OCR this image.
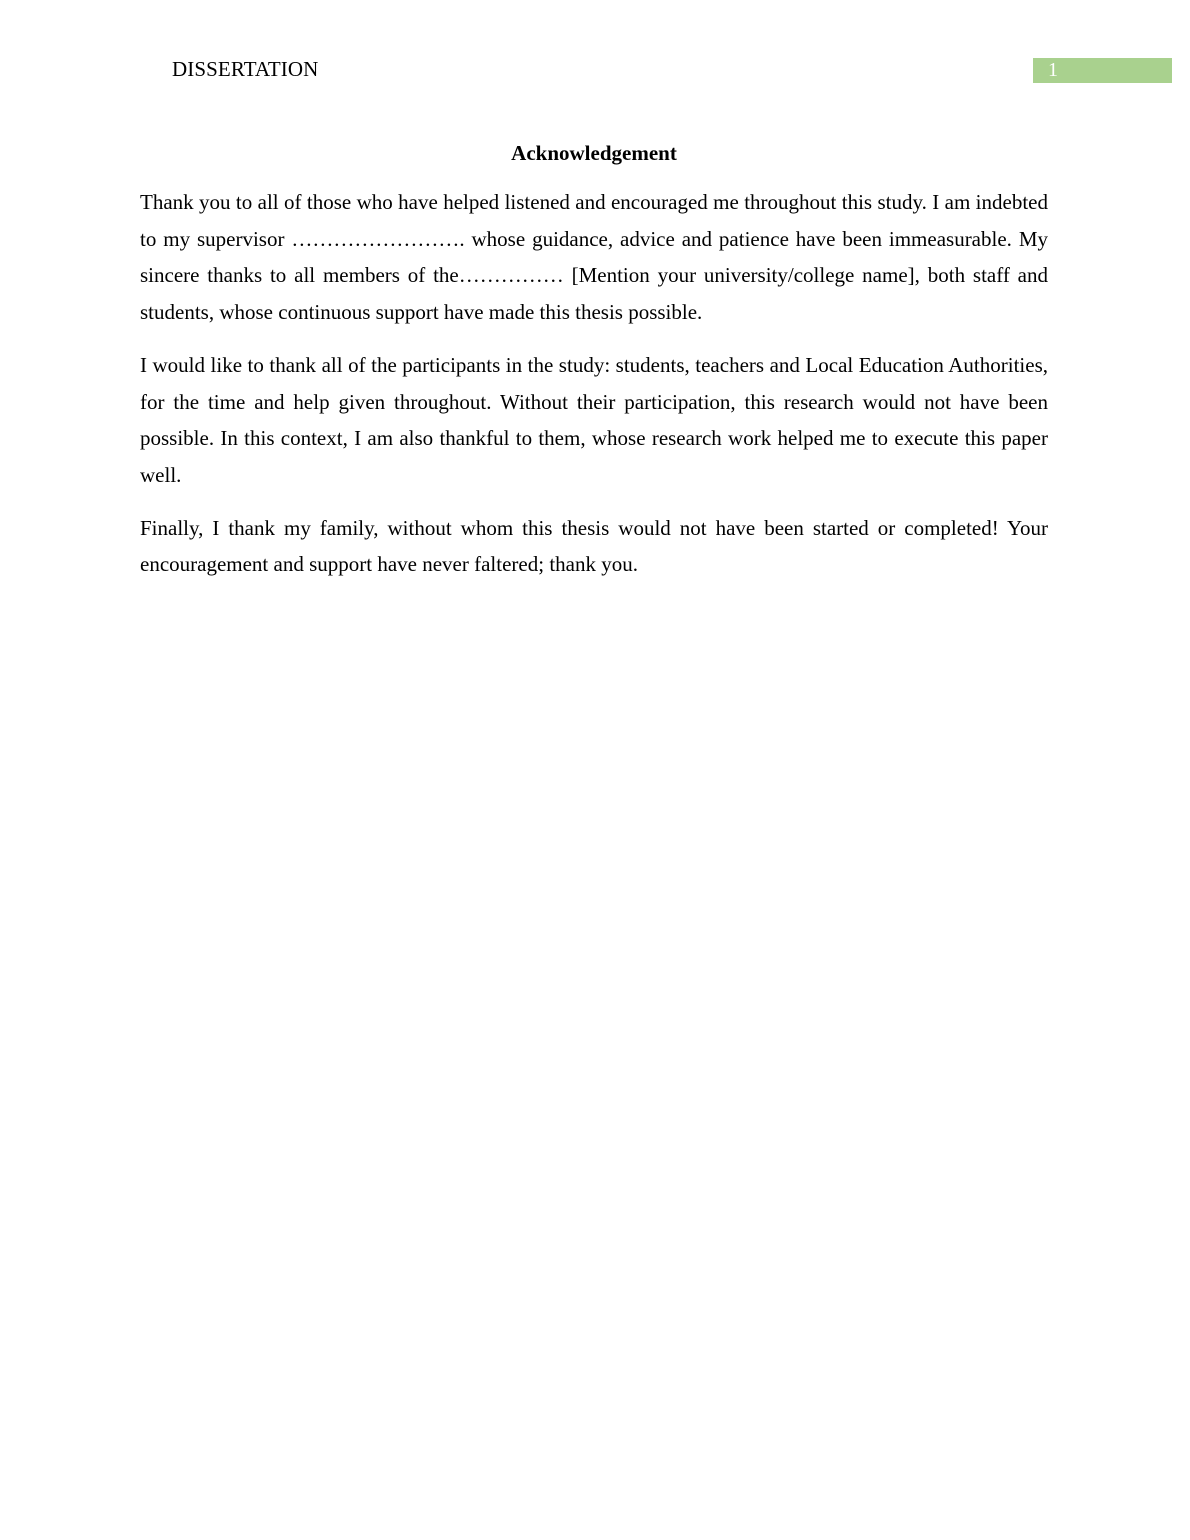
DISSERTATION	1
Acknowledgement

Thank you to all of those who have helped listened and encouraged me throughout this study. I am indebted to my supervisor ……………………. whose guidance, advice and patience have been immeasurable. My sincere thanks to all members of the…………… [Mention your university/college name], both staff and students, whose continuous support have made this thesis possible.

I would like to thank all of the participants in the study: students, teachers and Local Education Authorities, for the time and help given throughout. Without their participation, this research would not have been possible. In this context, I am also thankful to them, whose research work helped me to execute this paper well.

Finally, I thank my family, without whom this thesis would not have been started or completed! Your encouragement and support have never faltered; thank you.
